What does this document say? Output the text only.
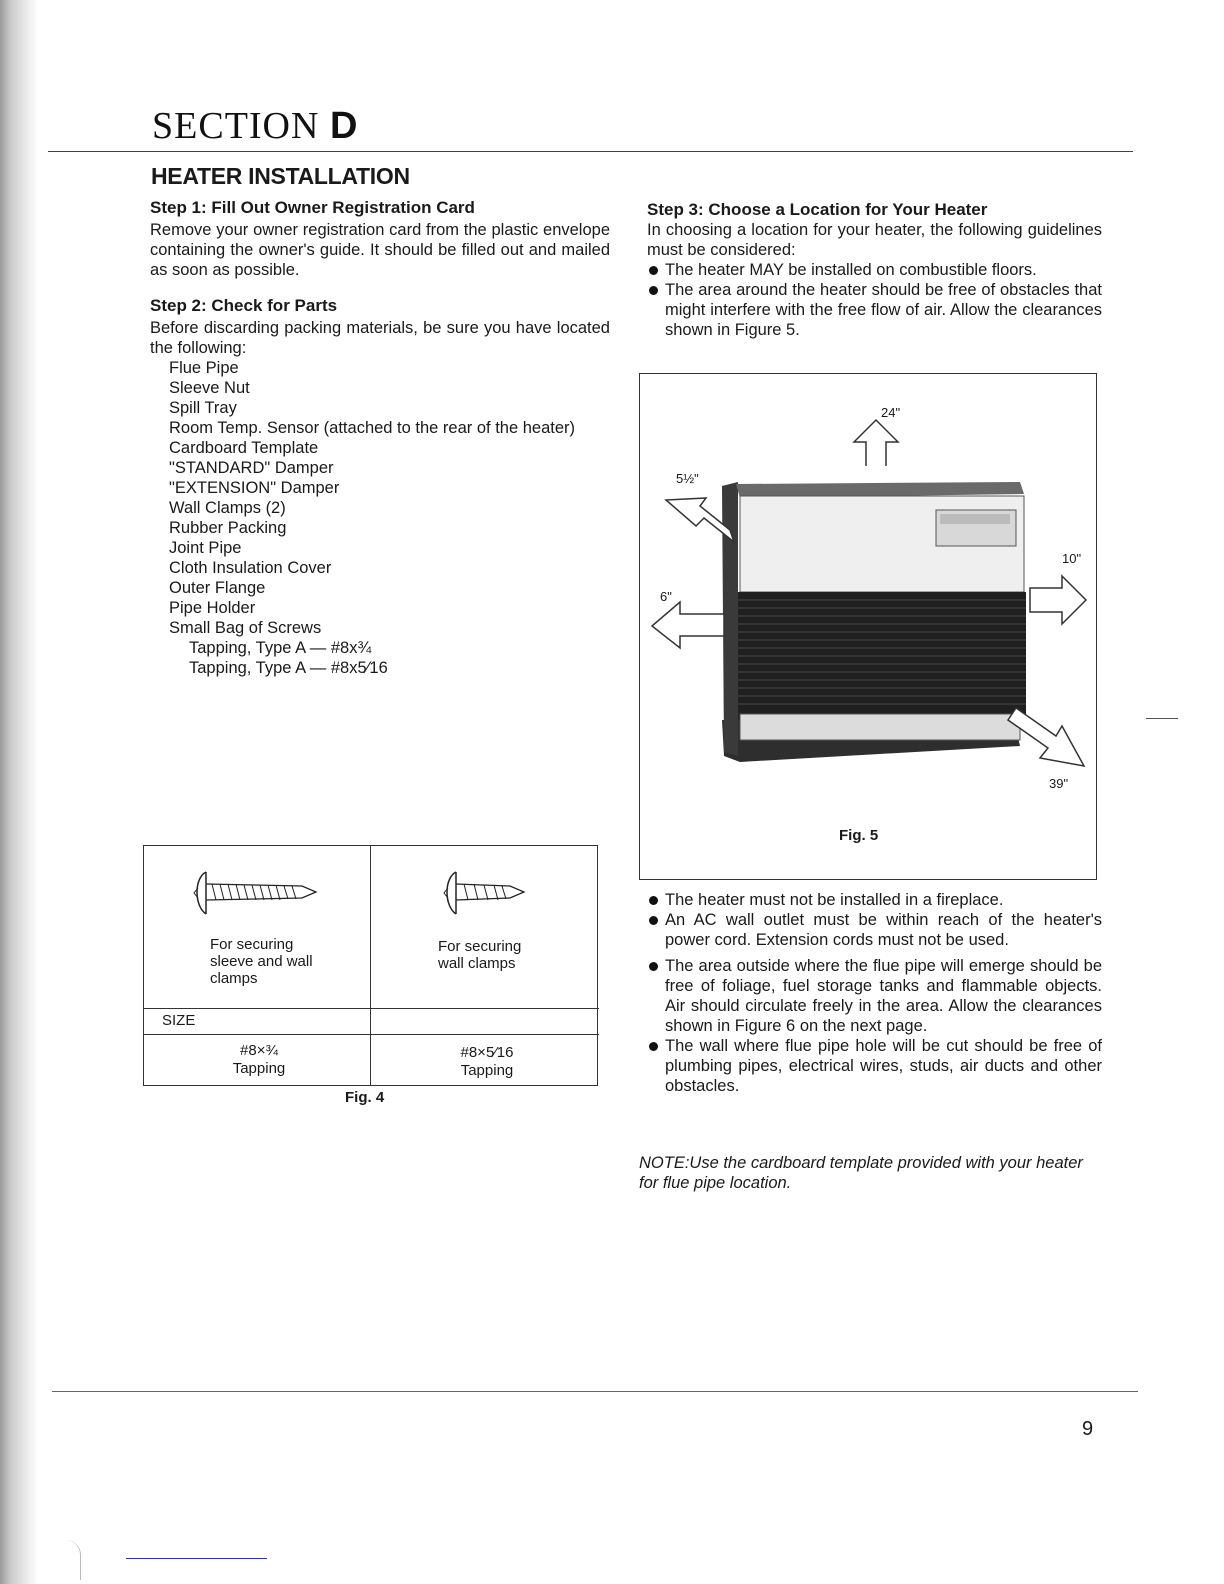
SECTION D
HEATER INSTALLATION

Step 1: Fill Out Owner Registration Card

Remove your owner registration card from the plastic envelope containing the owner's guide. It should be filled out and mailed as soon as possible.

Step 2: Check for Parts

Before discarding packing materials, be sure you have located the following:

Flue Pipe
Sleeve Nut
Spill Tray
Room Temp. Sensor (attached to the rear of the heater)
Cardboard Template
"STANDARD" Damper
"EXTENSION" Damper
Wall Clamps (2)
Rubber Packing
Joint Pipe
Cloth Insulation Cover
Outer Flange
Pipe Holder
Small Bag of Screws
Tapping, Type A — #8x¾
Tapping, Type A — #8x5⁄16
For securing sleeve and wall clamps
For securing wall clamps
SIZE
#8×¾
Tapping
#8×5⁄16
Tapping
Fig. 4

Step 3: Choose a Location for Your Heater

In choosing a location for your heater, the following guidelines must be considered:

The heater MAY be installed on combustible floors.
The area around the heater should be free of obstacles that might interfere with the free flow of air. Allow the clearances shown in Figure 5.
24"
5½"
6"
10"
39"
Fig. 5
The heater must not be installed in a fireplace.
An AC wall outlet must be within reach of the heater's power cord. Extension cords must not be used.
The area outside where the flue pipe will emerge should be free of foliage, fuel storage tanks and flammable objects. Air should circulate freely in the area. Allow the clearances shown in Figure 6 on the next page.
The wall where flue pipe hole will be cut should be free of plumbing pipes, electrical wires, studs, air ducts and other obstacles.
NOTE:Use the cardboard template provided with your heater for flue pipe location.
9
